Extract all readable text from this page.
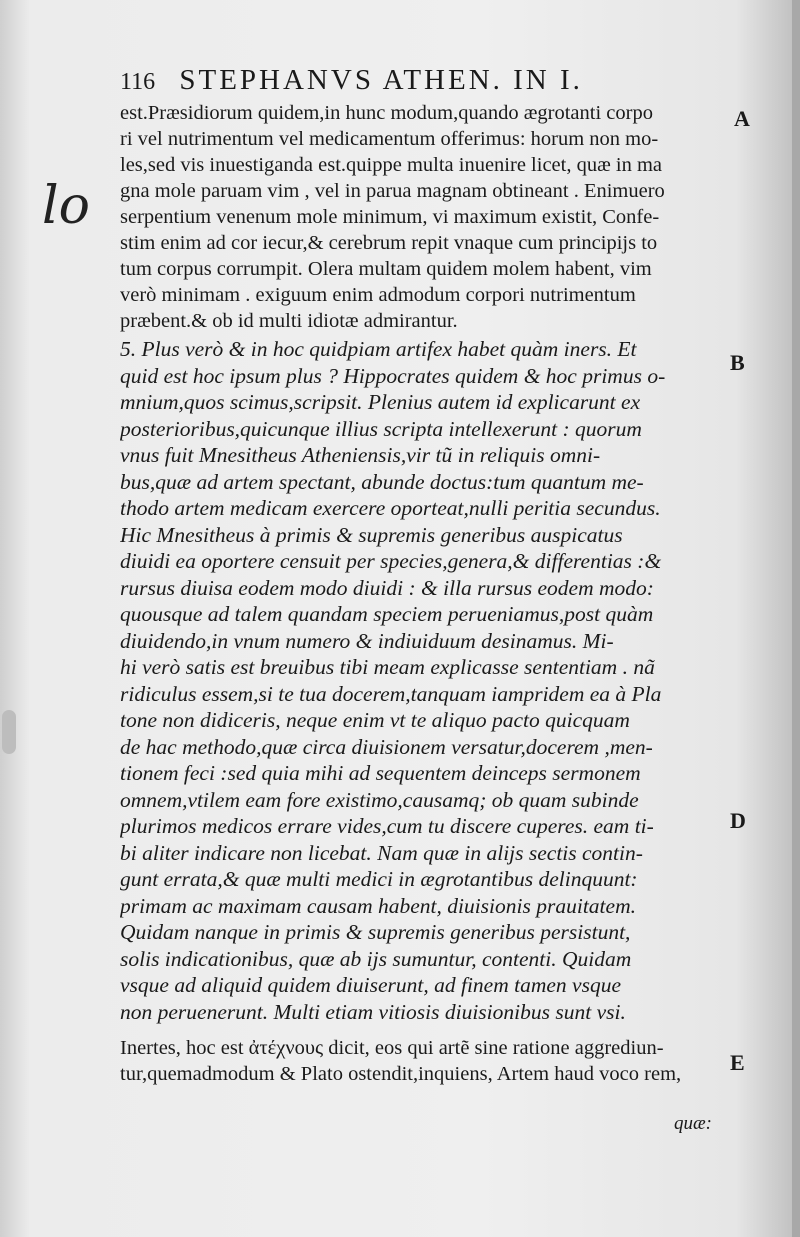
116 STEPHANVS ATHEN. IN I.
lo
A
B
D
E
est.Præsidiorum quidem,in hunc modum,quando ægrotanti corpo
ri vel nutrimentum vel medicamentum offerimus: horum non mo-
les,sed vis inuestiganda est.quippe multa inuenire licet, quæ in ma
gna mole paruam vim , vel in parua magnam obtineant . Enimuero
serpentium venenum mole minimum, vi maximum existit, Confe-
stim enim ad cor iecur,& cerebrum repit vnaque cum principijs to
tum corpus corrumpit. Olera multam quidem molem habent, vim
verò minimam . exiguum enim admodum corpori nutrimentum
præbent.& ob id multi idiotæ admirantur.
5. Plus verò & in hoc quidpiam artifex habet quàm iners. Et
quid est hoc ipsum plus ? Hippocrates quidem & hoc primus o-
mnium,quos scimus,scripsit. Plenius autem id explicarunt ex
posterioribus,quicunque illius scripta intellexerunt : quorum
vnus fuit Mnesitheus Atheniensis,vir tũ in reliquis omni-
bus,quæ ad artem spectant, abunde doctus:tum quantum me-
thodo artem medicam exercere oporteat,nulli peritia secundus.
Hic Mnesitheus à primis & supremis generibus auspicatus
diuidi ea oportere censuit per species,genera,& differentias :&
rursus diuisa eodem modo diuidi : & illa rursus eodem modo:
quousque ad talem quandam speciem perueniamus,post quàm
diuidendo,in vnum numero & indiuiduum desinamus. Mi-
hi verò satis est breuibus tibi meam explicasse sententiam . nã
ridiculus essem,si te tua docerem,tanquam iampridem ea à Pla
tone non didiceris, neque enim vt te aliquo pacto quicquam
de hac methodo,quæ circa diuisionem versatur,docerem ,men-
tionem feci :sed quia mihi ad sequentem deinceps sermonem
omnem,vtilem eam fore existimo,causamq; ob quam subinde
plurimos medicos errare vides,cum tu discere cuperes. eam ti-
bi aliter indicare non licebat. Nam quæ in alijs sectis contin-
gunt errata,& quæ multi medici in ægrotantibus delinquunt:
primam ac maximam causam habent, diuisionis prauitatem.
Quidam nanque in primis & supremis generibus persistunt,
solis indicationibus, quæ ab ijs sumuntur, contenti. Quidam
vsque ad aliquid quidem diuiserunt, ad finem tamen vsque
non peruenerunt. Multi etiam vitiosis diuisionibus sunt vsi.
Inertes, hoc est ἀτέχνους dicit, eos qui artẽ sine ratione aggrediun-
tur,quemadmodum & Plato ostendit,inquiens, Artem haud voco rem,
quæ:
